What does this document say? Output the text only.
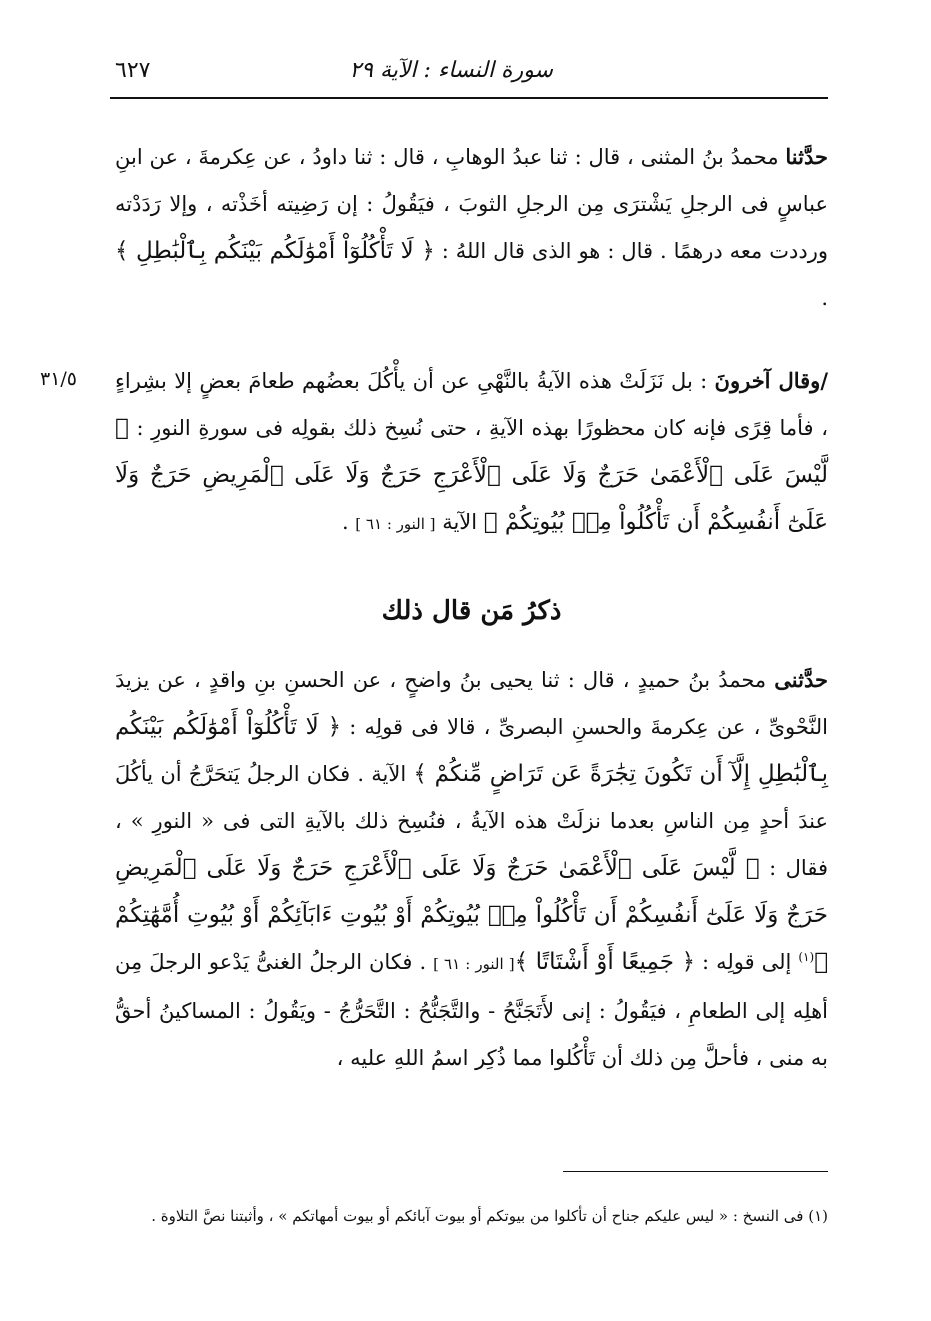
سورة النساء : الآية ٢٩
٦٢٧
٣١/٥
حدَّثنا محمدُ بنُ المثنى ، قال : ثنا عبدُ الوهابِ ، قال : ثنا داودُ ، عن عِكرمةَ ، عن ابنِ عباسٍ فى الرجلِ يَشْترَى مِن الرجلِ الثوبَ ، فيَقُولُ : إن رَضِيته أخَذْته ، وإلا رَدَدْته ورددت معه درهمًا . قال : هو الذى قال اللهُ : ﴿ لَا تَأْكُلُوٓاْ أَمْوَٰلَكُم بَيْنَكُم بِٱلْبَٰطِلِ ﴾ .
/وقال آخرونَ : بل نَزَلَتْ هذه الآيةُ بالنَّهْىِ عن أن يأْكُلَ بعضُهم طعامَ بعضٍ إلا بشِراءٍ ، فأما قِرًى فإنه كان محظورًا بهذه الآيةِ ، حتى نُسِخ ذلك بقولِه فى سورةِ النورِ : ﴿ لَّيْسَ عَلَى ٱلْأَعْمَىٰ حَرَجٌ وَلَا عَلَى ٱلْأَعْرَجِ حَرَجٌ وَلَا عَلَى ٱلْمَرِيضِ حَرَجٌ وَلَا عَلَىٰٓ أَنفُسِكُمْ أَن تَأْكُلُواْ مِنۢ بُيُوتِكُمْ ﴾ الآية [ النور : ٦١ ] .
ذكرُ مَن قال ذلك
حدَّثنى محمدُ بنُ حميدٍ ، قال : ثنا يحيى بنُ واضحٍ ، عن الحسنِ بنِ واقدٍ ، عن يزيدَ النَّحْوىِّ ، عن عِكرمةَ والحسنِ البصرىِّ ، قالا فى قولِه : ﴿ لَا تَأْكُلُوٓاْ أَمْوَٰلَكُم بَيْنَكُم بِٱلْبَٰطِلِ إِلَّآ أَن تَكُونَ تِجَٰرَةً عَن تَرَاضٍ مِّنكُمْ ﴾ الآية . فكان الرجلُ يَتحَرَّجُ أن يأكُلَ عندَ أحدٍ مِن الناسِ بعدما نزلَتْ هذه الآيةُ ، فنُسِخ ذلك بالآيةِ التى فى « النورِ » ، فقال : ﴿ لَّيْسَ عَلَى ٱلْأَعْمَىٰ حَرَجٌ وَلَا عَلَى ٱلْأَعْرَجِ حَرَجٌ وَلَا عَلَى ٱلْمَرِيضِ حَرَجٌ وَلَا عَلَىٰٓ أَنفُسِكُمْ أَن تَأْكُلُواْ مِنۢ بُيُوتِكُمْ أَوْ بُيُوتِ ءَابَآئِكُمْ أَوْ بُيُوتِ أُمَّهَٰتِكُمْ ﴾$^{(١)}$ إلى قولِه : ﴿ جَمِيعًا أَوْ أَشْتَاتًا ﴾[ النور : ٦١ ] . فكان الرجلُ الغنىُّ يَدْعو الرجلَ مِن أهلِه إلى الطعامِ ، فيَقُولُ : إنى لأَتَجَنَّحُ - والتَّجَنُّحُ : التَّحَرُّجُ - ويَقُولُ : المساكينُ أحقُّ به منى ، فأحلَّ مِن ذلك أن تَأْكُلوا مما ذُكِر اسمُ اللهِ عليه ،
(١) فى النسخ : « ليس عليكم جناح أن تأكلوا من بيوتكم أو بيوت آبائكم أو بيوت أمهاتكم » ، وأثبتنا نصَّ التلاوة .
